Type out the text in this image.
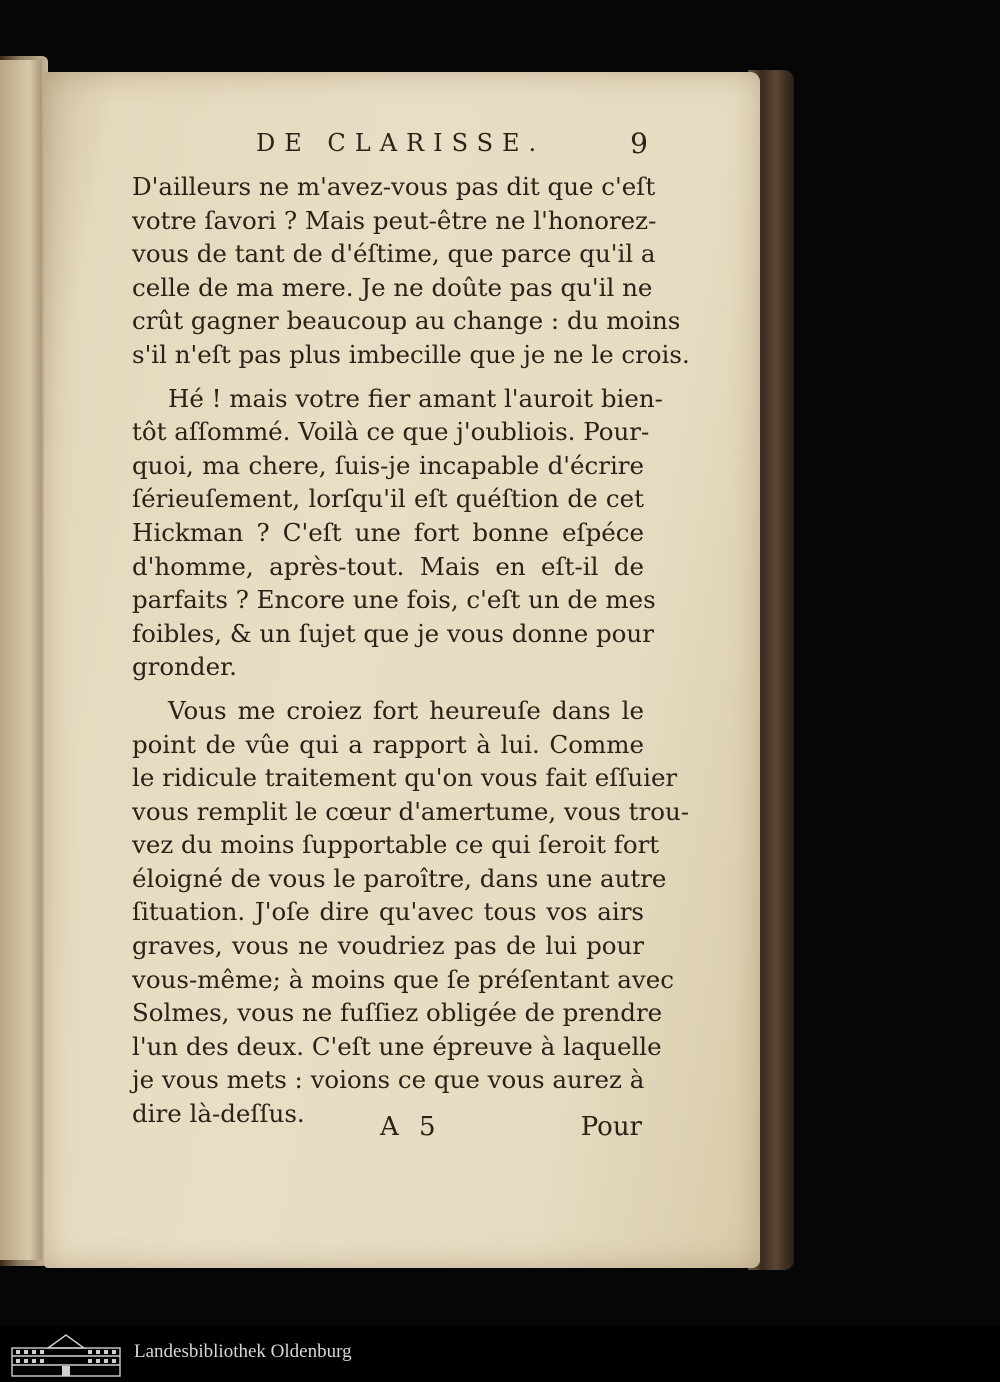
DE CLARISSE.	9
D'ailleurs ne m'avez-vous pas dit que c'eſt
votre ſavori ? Mais peut-être ne l'honorez-
vous de tant de d'éſtime, que parce qu'il a
celle de ma mere. Je ne doûte pas qu'il ne
crût gagner beaucoup au change : du moins
s'il n'eſt pas plus imbecille que je ne le crois.
Hé ! mais votre fier amant l'auroit bien-
tôt aſſommé. Voilà ce que j'oubliois. Pour-
quoi, ma chere, ſuis-je incapable d'écrire
ſérieuſement, lorſqu'il eſt quéſtion de cet
Hickman ? C'eſt une fort bonne eſpéce
d'homme, après-tout. Mais en eſt-il de
parfaits ? Encore une fois, c'eſt un de mes
foibles, & un ſujet que je vous donne pour
gronder.
Vous me croiez fort heureuſe dans le
point de vûe qui a rapport à lui. Comme
le ridicule traitement qu'on vous fait eſſuier
vous remplit le cœur d'amertume, vous trou-
vez du moins ſupportable ce qui ſeroit fort
éloigné de vous le paroître, dans une autre
ſituation. J'oſe dire qu'avec tous vos airs
graves, vous ne voudriez pas de lui pour
vous-même; à moins que ſe préſentant avec
Solmes, vous ne fuſſiez obligée de prendre
l'un des deux. C'eſt une épreuve à laquelle
je vous mets : voions ce que vous aurez à
dire là-deſſus.	A 5	Pour
Landesbibliothek Oldenburg
